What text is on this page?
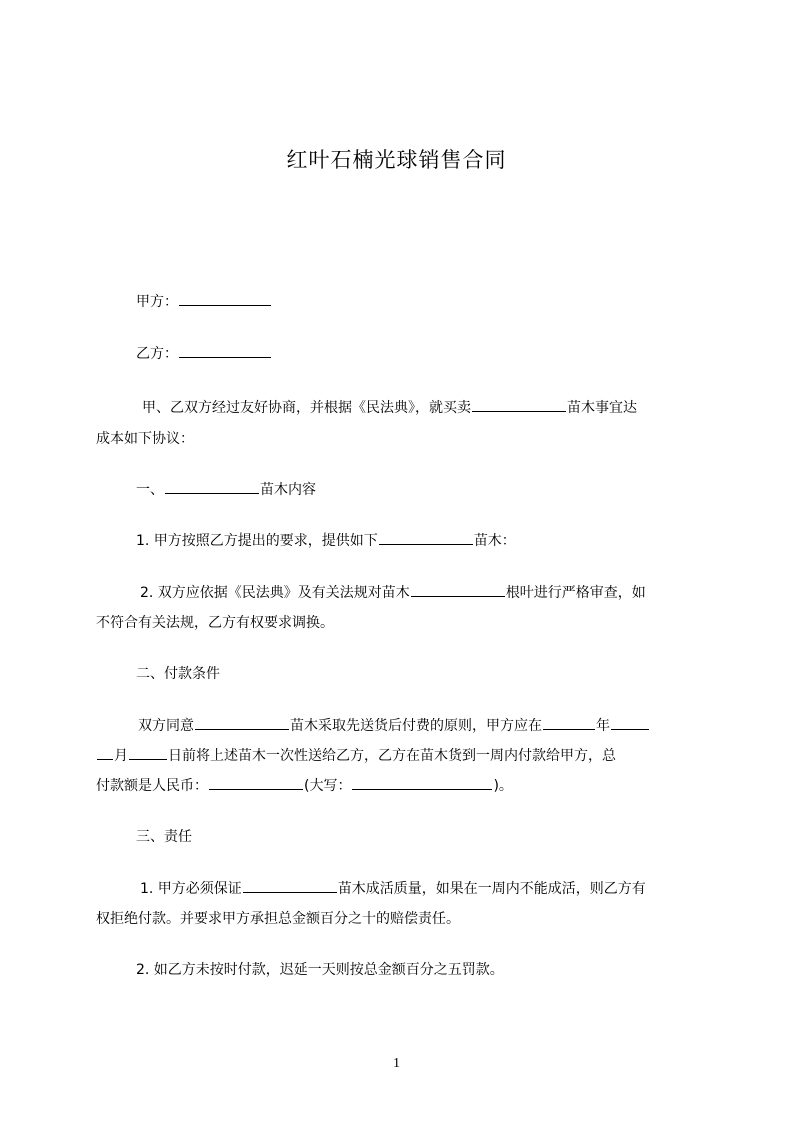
红叶石楠光球销售合同
甲方：
乙方：
甲、乙双方经过友好协商，并根据《民法典》，就买卖	苗木事宜达
成本如下协议：
一、	苗木内容
1. 甲方按照乙方提出的要求，提供如下	苗木：
2. 双方应依据《民法典》及有关法规对苗木	根叶进行严格审查，如
不符合有关法规，乙方有权要求调换。
二、付款条件
双方同意	苗木采取先送货后付费的原则，甲方应在	年
月	日前将上述苗木一次性送给乙方，乙方在苗木货到一周内付款给甲方，总
付款额是人民币：	(大写：	)。
三、责任
1. 甲方必须保证	苗木成活质量，如果在一周内不能成活，则乙方有
权拒绝付款。并要求甲方承担总金额百分之十的赔偿责任。
2. 如乙方未按时付款，迟延一天则按总金额百分之五罚款。
1
